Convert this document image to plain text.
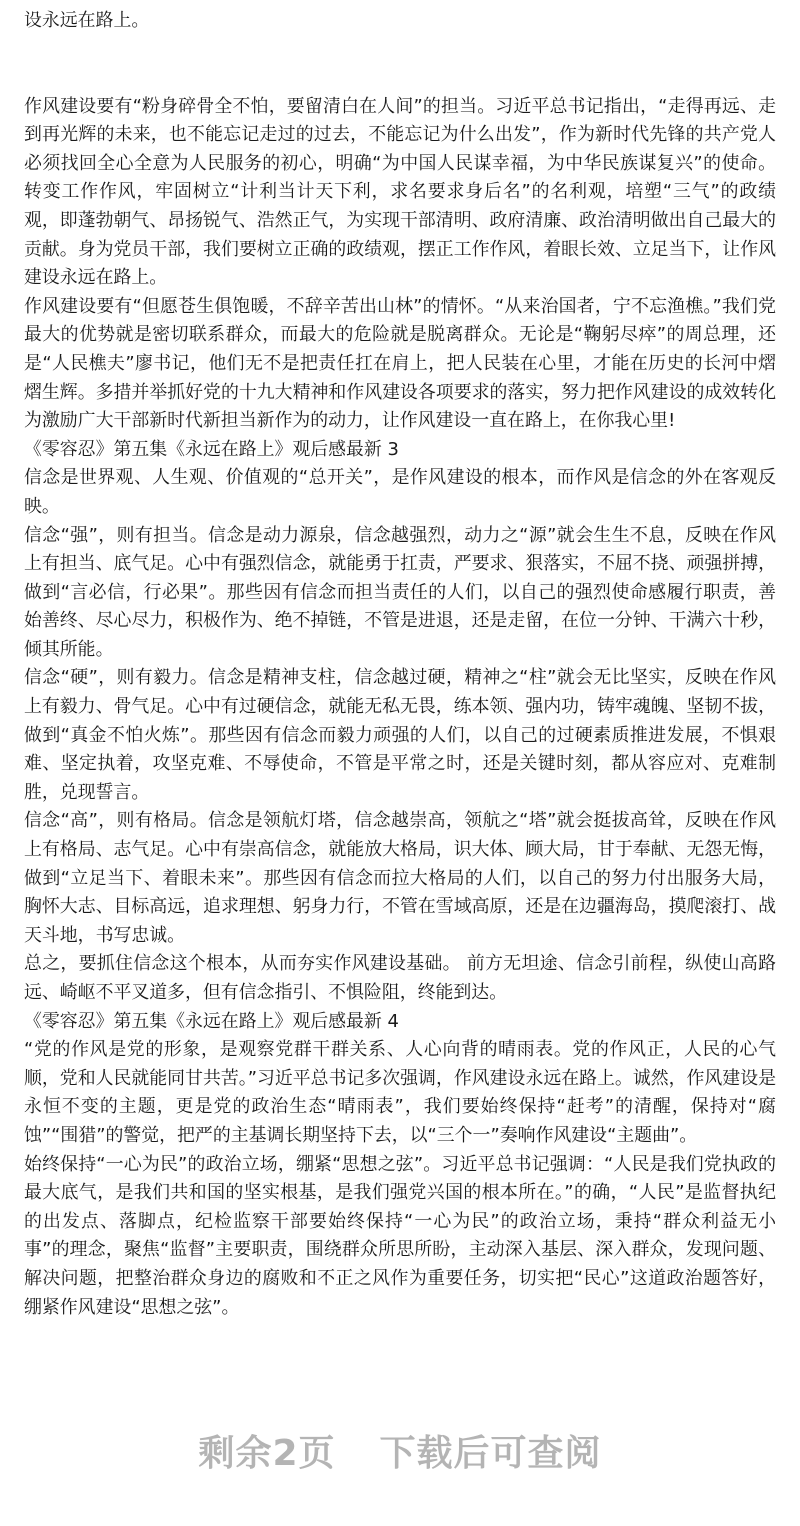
设永远在路上。

作风建设要有“粉身碎骨全不怕，要留清白在人间”的担当。习近平总书记指出，“走得再远、走到再光辉的未来，也不能忘记走过的过去，不能忘记为什么出发”，作为新时代先锋的共产党人必须找回全心全意为人民服务的初心，明确“为中国人民谋幸福，为中华民族谋复兴”的使命。转变工作作风，牢固树立“计利当计天下利，求名要求身后名”的名利观，培塑“三气”的政绩观，即蓬勃朝气、昂扬锐气、浩然正气，为实现干部清明、政府清廉、政治清明做出自己最大的贡献。身为党员干部，我们要树立正确的政绩观，摆正工作作风，着眼长效、立足当下，让作风建设永远在路上。

作风建设要有“但愿苍生俱饱暖，不辞辛苦出山林”的情怀。“从来治国者，宁不忘渔樵。”我们党最大的优势就是密切联系群众，而最大的危险就是脱离群众。无论是“鞠躬尽瘁”的周总理，还是“人民樵夫”廖书记，他们无不是把责任扛在肩上，把人民装在心里，才能在历史的长河中熠熠生辉。多措并举抓好党的十九大精神和作风建设各项要求的落实，努力把作风建设的成效转化为激励广大干部新时代新担当新作为的动力，让作风建设一直在路上，在你我心里!

《零容忍》第五集《永远在路上》观后感最新 3

信念是世界观、人生观、价值观的“总开关”，是作风建设的根本，而作风是信念的外在客观反映。

信念“强”，则有担当。信念是动力源泉，信念越强烈，动力之“源”就会生生不息，反映在作风上有担当、底气足。心中有强烈信念，就能勇于扛责，严要求、狠落实，不屈不挠、顽强拼搏，做到“言必信，行必果”。那些因有信念而担当责任的人们，以自己的强烈使命感履行职责，善始善终、尽心尽力，积极作为、绝不掉链，不管是进退，还是走留，在位一分钟、干满六十秒，倾其所能。

信念“硬”，则有毅力。信念是精神支柱，信念越过硬，精神之“柱”就会无比坚实，反映在作风上有毅力、骨气足。心中有过硬信念，就能无私无畏，练本领、强内功，铸牢魂魄、坚韧不拔，做到“真金不怕火炼”。那些因有信念而毅力顽强的人们，以自己的过硬素质推进发展，不惧艰难、坚定执着，攻坚克难、不辱使命，不管是平常之时，还是关键时刻，都从容应对、克难制胜，兑现誓言。

信念“高”，则有格局。信念是领航灯塔，信念越崇高，领航之“塔”就会挺拔高耸，反映在作风上有格局、志气足。心中有崇高信念，就能放大格局，识大体、顾大局，甘于奉献、无怨无悔，做到“立足当下、着眼未来”。那些因有信念而拉大格局的人们，以自己的努力付出服务大局，胸怀大志、目标高远，追求理想、躬身力行，不管在雪域高原，还是在边疆海岛，摸爬滚打、战天斗地，书写忠诚。

总之，要抓住信念这个根本，从而夯实作风建设基础。 前方无坦途、信念引前程，纵使山高路远、崎岖不平叉道多，但有信念指引、不惧险阻，终能到达。

《零容忍》第五集《永远在路上》观后感最新 4

“党的作风是党的形象，是观察党群干群关系、人心向背的晴雨表。党的作风正，人民的心气顺，党和人民就能同甘共苦。”习近平总书记多次强调，作风建设永远在路上。诚然，作风建设是永恒不变的主题，更是党的政治生态“晴雨表”，我们要始终保持“赶考”的清醒，保持对“腐蚀”“围猎”的警觉，把严的主基调长期坚持下去，以“三个一”奏响作风建设“主题曲”。

始终保持“一心为民”的政治立场，绷紧“思想之弦”。习近平总书记强调：“人民是我们党执政的最大底气，是我们共和国的坚实根基，是我们强党兴国的根本所在。”的确，“人民”是监督执纪的出发点、落脚点，纪检监察干部要始终保持“一心为民”的政治立场，秉持“群众利益无小事”的理念，聚焦“监督”主要职责，围绕群众所思所盼，主动深入基层、深入群众，发现问题、解决问题，把整治群众身边的腐败和不正之风作为重要任务，切实把“民心”这道政治题答好，绷紧作风建设“思想之弦”。

剩余2页 下载后可查阅
